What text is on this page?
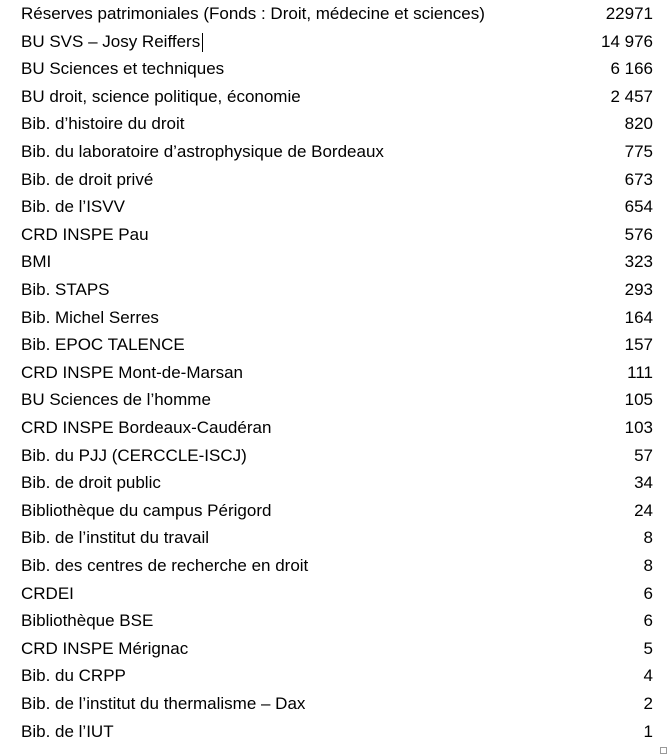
Réserves patrimoniales (Fonds : Droit, médecine et sciences)	22971
BU SVS – Josy Reiffers	14 976
BU Sciences et techniques	6 166
BU droit, science politique, économie	2 457
Bib. d’histoire du droit	820
Bib. du laboratoire d’astrophysique de Bordeaux	775
Bib. de droit privé	673
Bib. de l’ISVV	654
CRD INSPE Pau	576
BMI	323
Bib. STAPS	293
Bib. Michel Serres	164
Bib. EPOC TALENCE	157
CRD INSPE Mont-de-Marsan	111
BU Sciences de l’homme	105
CRD INSPE Bordeaux-Caudéran	103
Bib. du PJJ (CERCCLE-ISCJ)	57
Bib. de droit public	34
Bibliothèque du campus Périgord	24
Bib. de l’institut du travail	8
Bib. des centres de recherche en droit	8
CRDEI	6
Bibliothèque BSE	6
CRD INSPE Mérignac	5
Bib. du CRPP	4
Bib. de l’institut du thermalisme – Dax	2
Bib. de l’IUT	1
